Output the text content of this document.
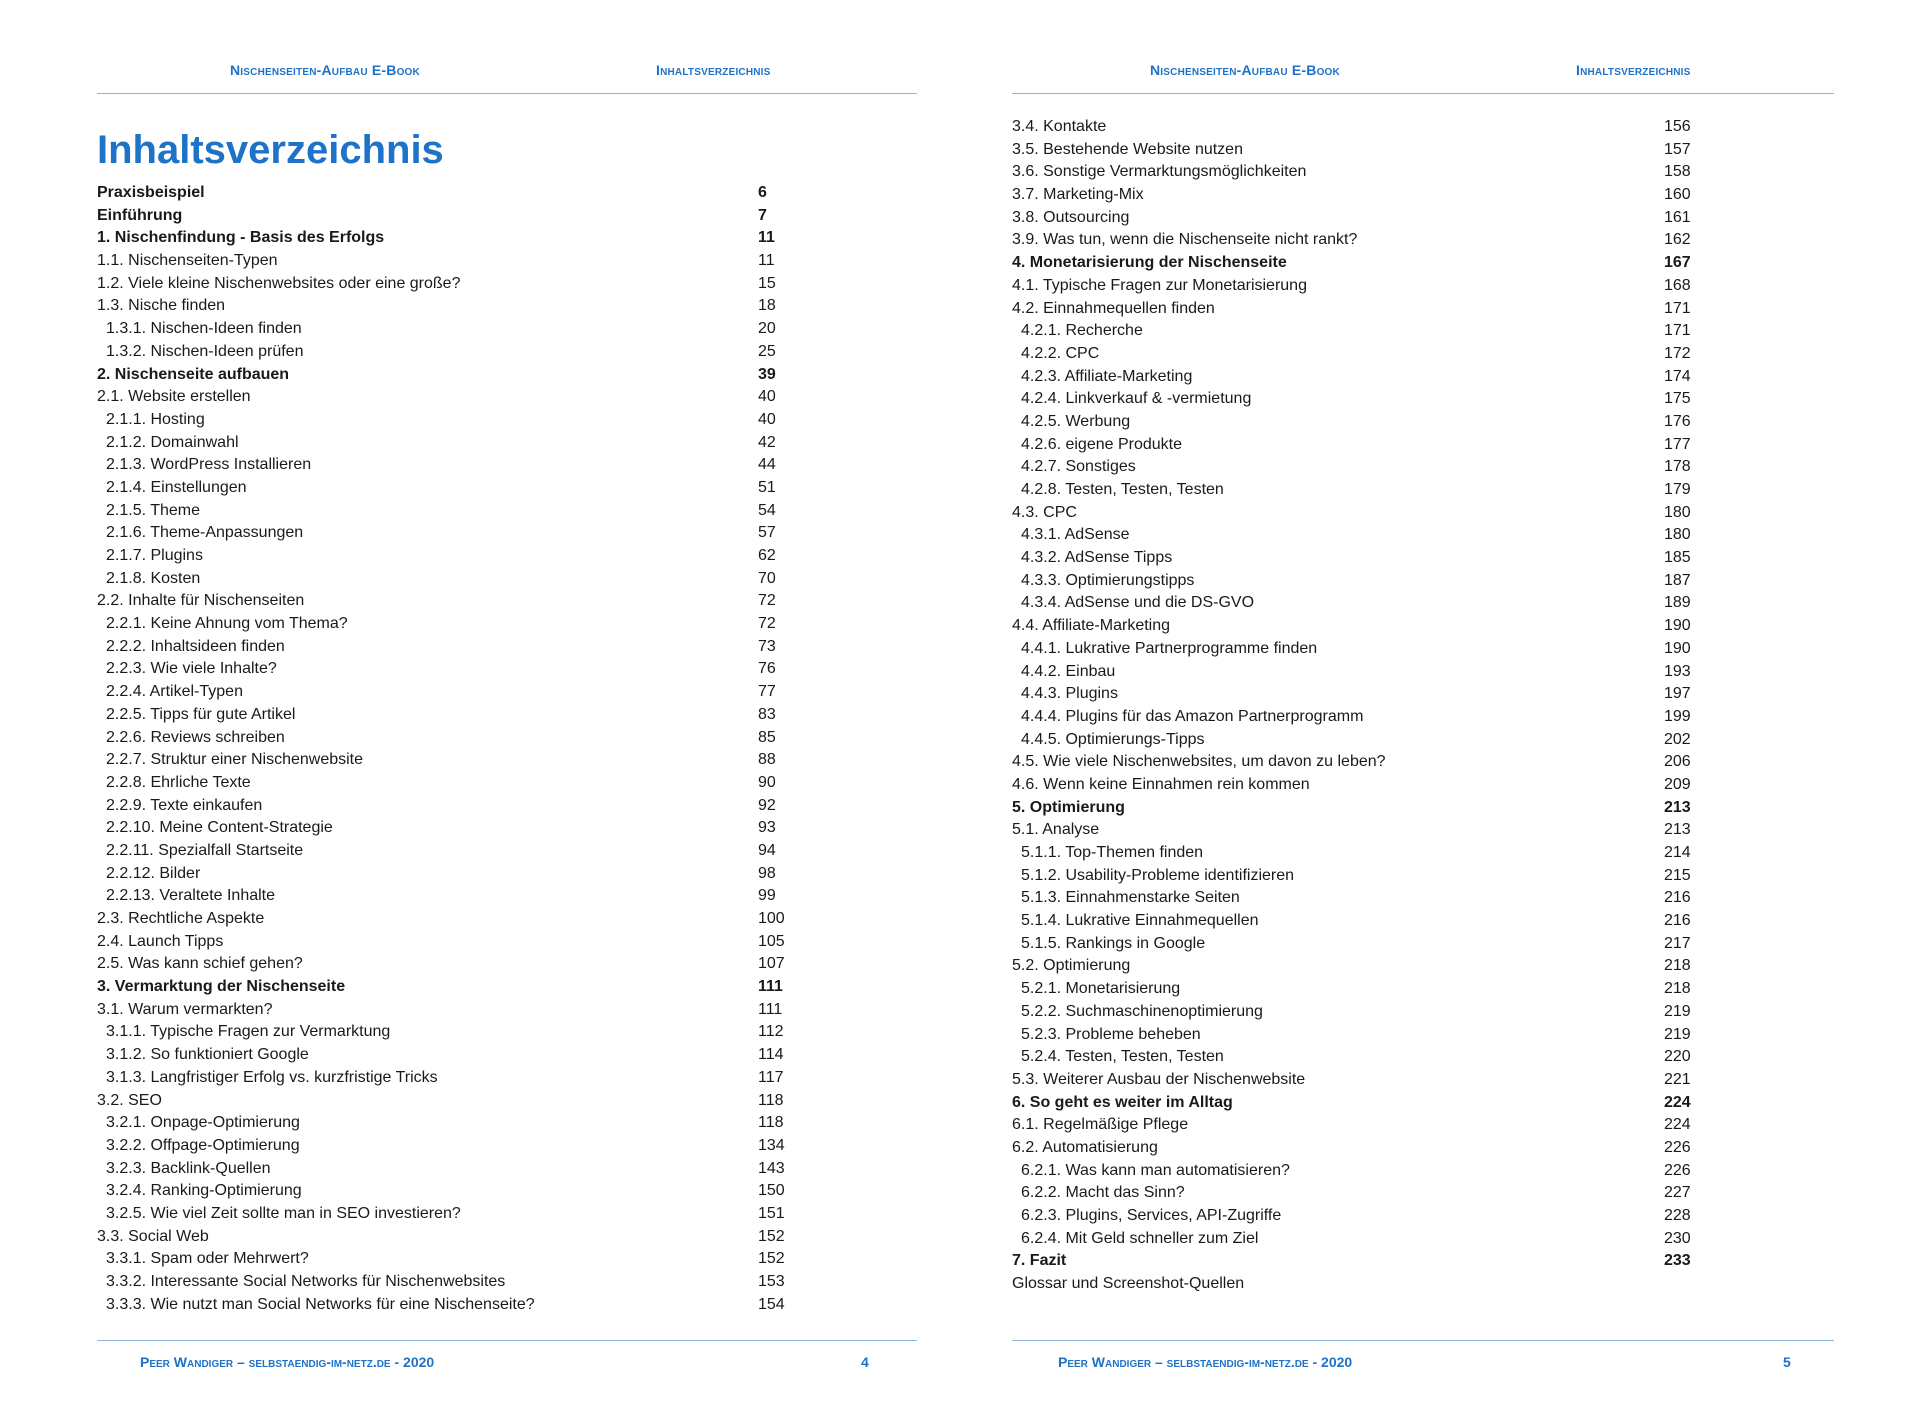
Nischenseiten-Aufbau E-Book	Inhaltsverzeichnis
Inhaltsverzeichnis
Praxisbeispiel	6
Einführung	7
1. Nischenfindung - Basis des Erfolgs	11
1.1. Nischenseiten-Typen	11
1.2. Viele kleine Nischenwebsites oder eine große?	15
1.3. Nische finden	18
1.3.1. Nischen-Ideen finden	20
1.3.2. Nischen-Ideen prüfen	25
2. Nischenseite aufbauen	39
2.1. Website erstellen	40
2.1.1. Hosting	40
2.1.2. Domainwahl	42
2.1.3. WordPress Installieren	44
2.1.4. Einstellungen	51
2.1.5. Theme	54
2.1.6. Theme-Anpassungen	57
2.1.7. Plugins	62
2.1.8. Kosten	70
2.2. Inhalte für Nischenseiten	72
2.2.1. Keine Ahnung vom Thema?	72
2.2.2. Inhaltsideen finden	73
2.2.3. Wie viele Inhalte?	76
2.2.4. Artikel-Typen	77
2.2.5. Tipps für gute Artikel	83
2.2.6. Reviews schreiben	85
2.2.7. Struktur einer Nischenwebsite	88
2.2.8. Ehrliche Texte	90
2.2.9. Texte einkaufen	92
2.2.10. Meine Content-Strategie	93
2.2.11. Spezialfall Startseite	94
2.2.12. Bilder	98
2.2.13. Veraltete Inhalte	99
2.3. Rechtliche Aspekte	100
2.4. Launch Tipps	105
2.5. Was kann schief gehen?	107
3. Vermarktung der Nischenseite	111
3.1. Warum vermarkten?	111
3.1.1. Typische Fragen zur Vermarktung	112
3.1.2. So funktioniert Google	114
3.1.3. Langfristiger Erfolg vs. kurzfristige Tricks	117
3.2. SEO	118
3.2.1. Onpage-Optimierung	118
3.2.2. Offpage-Optimierung	134
3.2.3. Backlink-Quellen	143
3.2.4. Ranking-Optimierung	150
3.2.5. Wie viel Zeit sollte man in SEO investieren?	151
3.3. Social Web	152
3.3.1. Spam oder Mehrwert?	152
3.3.2. Interessante Social Networks für Nischenwebsites	153
3.3.3. Wie nutzt man Social Networks für eine Nischenseite?	154
Peer Wandiger – selbstaendig-im-netz.de - 2020	4
Nischenseiten-Aufbau E-Book	Inhaltsverzeichnis
3.4. Kontakte	156
3.5. Bestehende Website nutzen	157
3.6. Sonstige Vermarktungsmöglichkeiten	158
3.7. Marketing-Mix	160
3.8. Outsourcing	161
3.9. Was tun, wenn die Nischenseite nicht rankt?	162
4. Monetarisierung der Nischenseite	167
4.1. Typische Fragen zur Monetarisierung	168
4.2. Einnahmequellen finden	171
4.2.1. Recherche	171
4.2.2. CPC	172
4.2.3. Affiliate-Marketing	174
4.2.4. Linkverkauf & -vermietung	175
4.2.5. Werbung	176
4.2.6. eigene Produkte	177
4.2.7. Sonstiges	178
4.2.8. Testen, Testen, Testen	179
4.3. CPC	180
4.3.1. AdSense	180
4.3.2. AdSense Tipps	185
4.3.3. Optimierungstipps	187
4.3.4. AdSense und die DS-GVO	189
4.4. Affiliate-Marketing	190
4.4.1. Lukrative Partnerprogramme finden	190
4.4.2. Einbau	193
4.4.3. Plugins	197
4.4.4. Plugins für das Amazon Partnerprogramm	199
4.4.5. Optimierungs-Tipps	202
4.5. Wie viele Nischenwebsites, um davon zu leben?	206
4.6. Wenn keine Einnahmen rein kommen	209
5. Optimierung	213
5.1. Analyse	213
5.1.1. Top-Themen finden	214
5.1.2. Usability-Probleme identifizieren	215
5.1.3. Einnahmenstarke Seiten	216
5.1.4. Lukrative Einnahmequellen	216
5.1.5. Rankings in Google	217
5.2. Optimierung	218
5.2.1. Monetarisierung	218
5.2.2. Suchmaschinenoptimierung	219
5.2.3. Probleme beheben	219
5.2.4. Testen, Testen, Testen	220
5.3. Weiterer Ausbau der Nischenwebsite	221
6. So geht es weiter im Alltag	224
6.1. Regelmäßige Pflege	224
6.2. Automatisierung	226
6.2.1. Was kann man automatisieren?	226
6.2.2. Macht das Sinn?	227
6.2.3. Plugins, Services, API-Zugriffe	228
6.2.4. Mit Geld schneller zum Ziel	230
7. Fazit	233
Glossar und Screenshot-Quellen
Peer Wandiger – selbstaendig-im-netz.de - 2020	5
